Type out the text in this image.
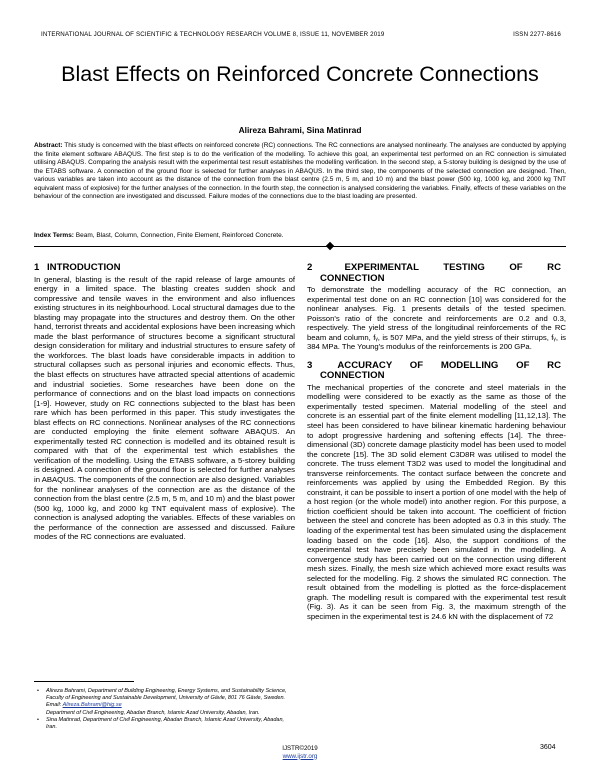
INTERNATIONAL JOURNAL OF SCIENTIFIC & TECHNOLOGY RESEARCH VOLUME 8, ISSUE 11, NOVEMBER 2019	ISSN 2277-8616
Blast Effects on Reinforced Concrete Connections
Alireza Bahrami, Sina Matinrad

Abstract: This study is concerned with the blast effects on reinforced concrete (RC) connections. The RC connections are analysed nonlinearly. The analyses are conducted by applying the finite element software ABAQUS. The first step is to do the verification of the modelling. To achieve this goal, an experimental test performed on an RC connection is simulated utilising ABAQUS. Comparing the analysis result with the experimental test result establishes the modelling verification. In the second step, a 5-storey building is designed by the use of the ETABS software. A connection of the ground floor is selected for further analyses in ABAQUS. In the third step, the components of the selected connection are designed. Then, various variables are taken into account as the distance of the connection from the blast centre (2.5 m, 5 m, and 10 m) and the blast power (500 kg, 1000 kg, and 2000 kg TNT equivalent mass of explosive) for the further analyses of the connection. In the fourth step, the connection is analysed considering the variables. Finally, effects of these variables on the behaviour of the connection are investigated and discussed. Failure modes of the connections due to the blast loading are presented.

Index Terms: Beam, Blast, Column, Connection, Finite Element, Reinforced Concrete.

1 INTRODUCTION

In general, blasting is the result of the rapid release of large amounts of energy in a limited space. The blasting creates sudden shock and compressive and tensile waves in the environment and also influences existing structures in its neighbourhood. Local structural damages due to the blasting may propagate into the structures and destroy them. On the other hand, terrorist threats and accidental explosions have been increasing which made the blast performance of structures become a significant structural design consideration for military and industrial structures to ensure safety of the workforces. The blast loads have considerable impacts in addition to structural collapses such as personal injuries and economic effects. Thus, the blast effects on structures have attracted special attentions of academic and industrial societies. Some researches have been done on the performance of connections and on the blast load impacts on connections [1-9]. However, study on RC connections subjected to the blast has been rare which has been performed in this paper. This study investigates the blast effects on RC connections. Nonlinear analyses of the RC connections are conducted employing the finite element software ABAQUS. An experimentally tested RC connection is modelled and its obtained result is compared with that of the experimental test which establishes the verification of the modelling. Using the ETABS software, a 5-storey building is designed. A connection of the ground floor is selected for further analyses in ABAQUS. The components of the connection are also designed. Variables for the nonlinear analyses of the connection are as the distance of the connection from the blast centre (2.5 m, 5 m, and 10 m) and the blast power (500 kg, 1000 kg, and 2000 kg TNT equivalent mass of explosive). The connection is analysed adopting the variables. Effects of these variables on the performance of the connection are assessed and discussed. Failure modes of the RC connections are evaluated.

2	EXPERIMENTAL TESTING OF RC
CONNECTION

To demonstrate the modelling accuracy of the RC connection, an experimental test done on an RC connection [10] was considered for the nonlinear analyses. Fig. 1 presents details of the tested specimen. Poisson's ratio of the concrete and reinforcements are 0.2 and 0.3, respectively. The yield stress of the longitudinal reinforcements of the RC beam and column, fᵧ, is 507 MPa, and the yield stress of their stirrups, fᵧ, is 384 MPa. The Young's modulus of the reinforcements is 200 GPa.

3	ACCURACY OF MODELLING OF RC
CONNECTION

The mechanical properties of the concrete and steel materials in the modelling were considered to be exactly as the same as those of the experimentally tested specimen. Material modelling of the steel and concrete is an essential part of the finite element modelling [11,12,13]. The steel has been considered to have bilinear kinematic hardening behaviour to adopt progressive hardening and softening effects [14]. The three-dimensional (3D) concrete damage plasticity model has been used to model the concrete [15]. The 3D solid element C3D8R was utilised to model the concrete. The truss element T3D2 was used to model the longitudinal and transverse reinforcements. The contact surface between the concrete and reinforcements was applied by using the Embedded Region. By this constraint, it can be possible to insert a portion of one model with the help of a host region (or the whole model) into another region. For this purpose, a friction coefficient should be taken into account. The coefficient of friction between the steel and concrete has been adopted as 0.3 in this study. The loading of the experimental test has been simulated using the displacement loading based on the code [16]. Also, the support conditions of the experimental test have precisely been simulated in the modelling. A convergence study has been carried out on the connection using different mesh sizes. Finally, the mesh size which achieved more exact results was selected for the modelling. Fig. 2 shows the simulated RC connection. The result obtained from the modelling is plotted as the force-displacement graph. The modelling result is compared with the experimental test result (Fig. 3). As it can be seen from Fig. 3, the maximum strength of the specimen in the experimental test is 24.6 kN with the displacement of 72

• Alireza Bahrami, Department of Building Engineering, Energy Systems, and Sustainability Science, Faculty of Engineering and Sustainable Development, University of Gävle, 801 76 Gävle, Sweden. Email: Alireza.Bahrami@hig.se
Department of Civil Engineering, Abadan Branch, Islamic Azad University, Abadan, Iran.
• Sina Matinrad, Department of Civil Engineering, Abadan Branch, Islamic Azad University, Abadan, Iran.
IJSTR©2019
www.ijstr.org
3604
